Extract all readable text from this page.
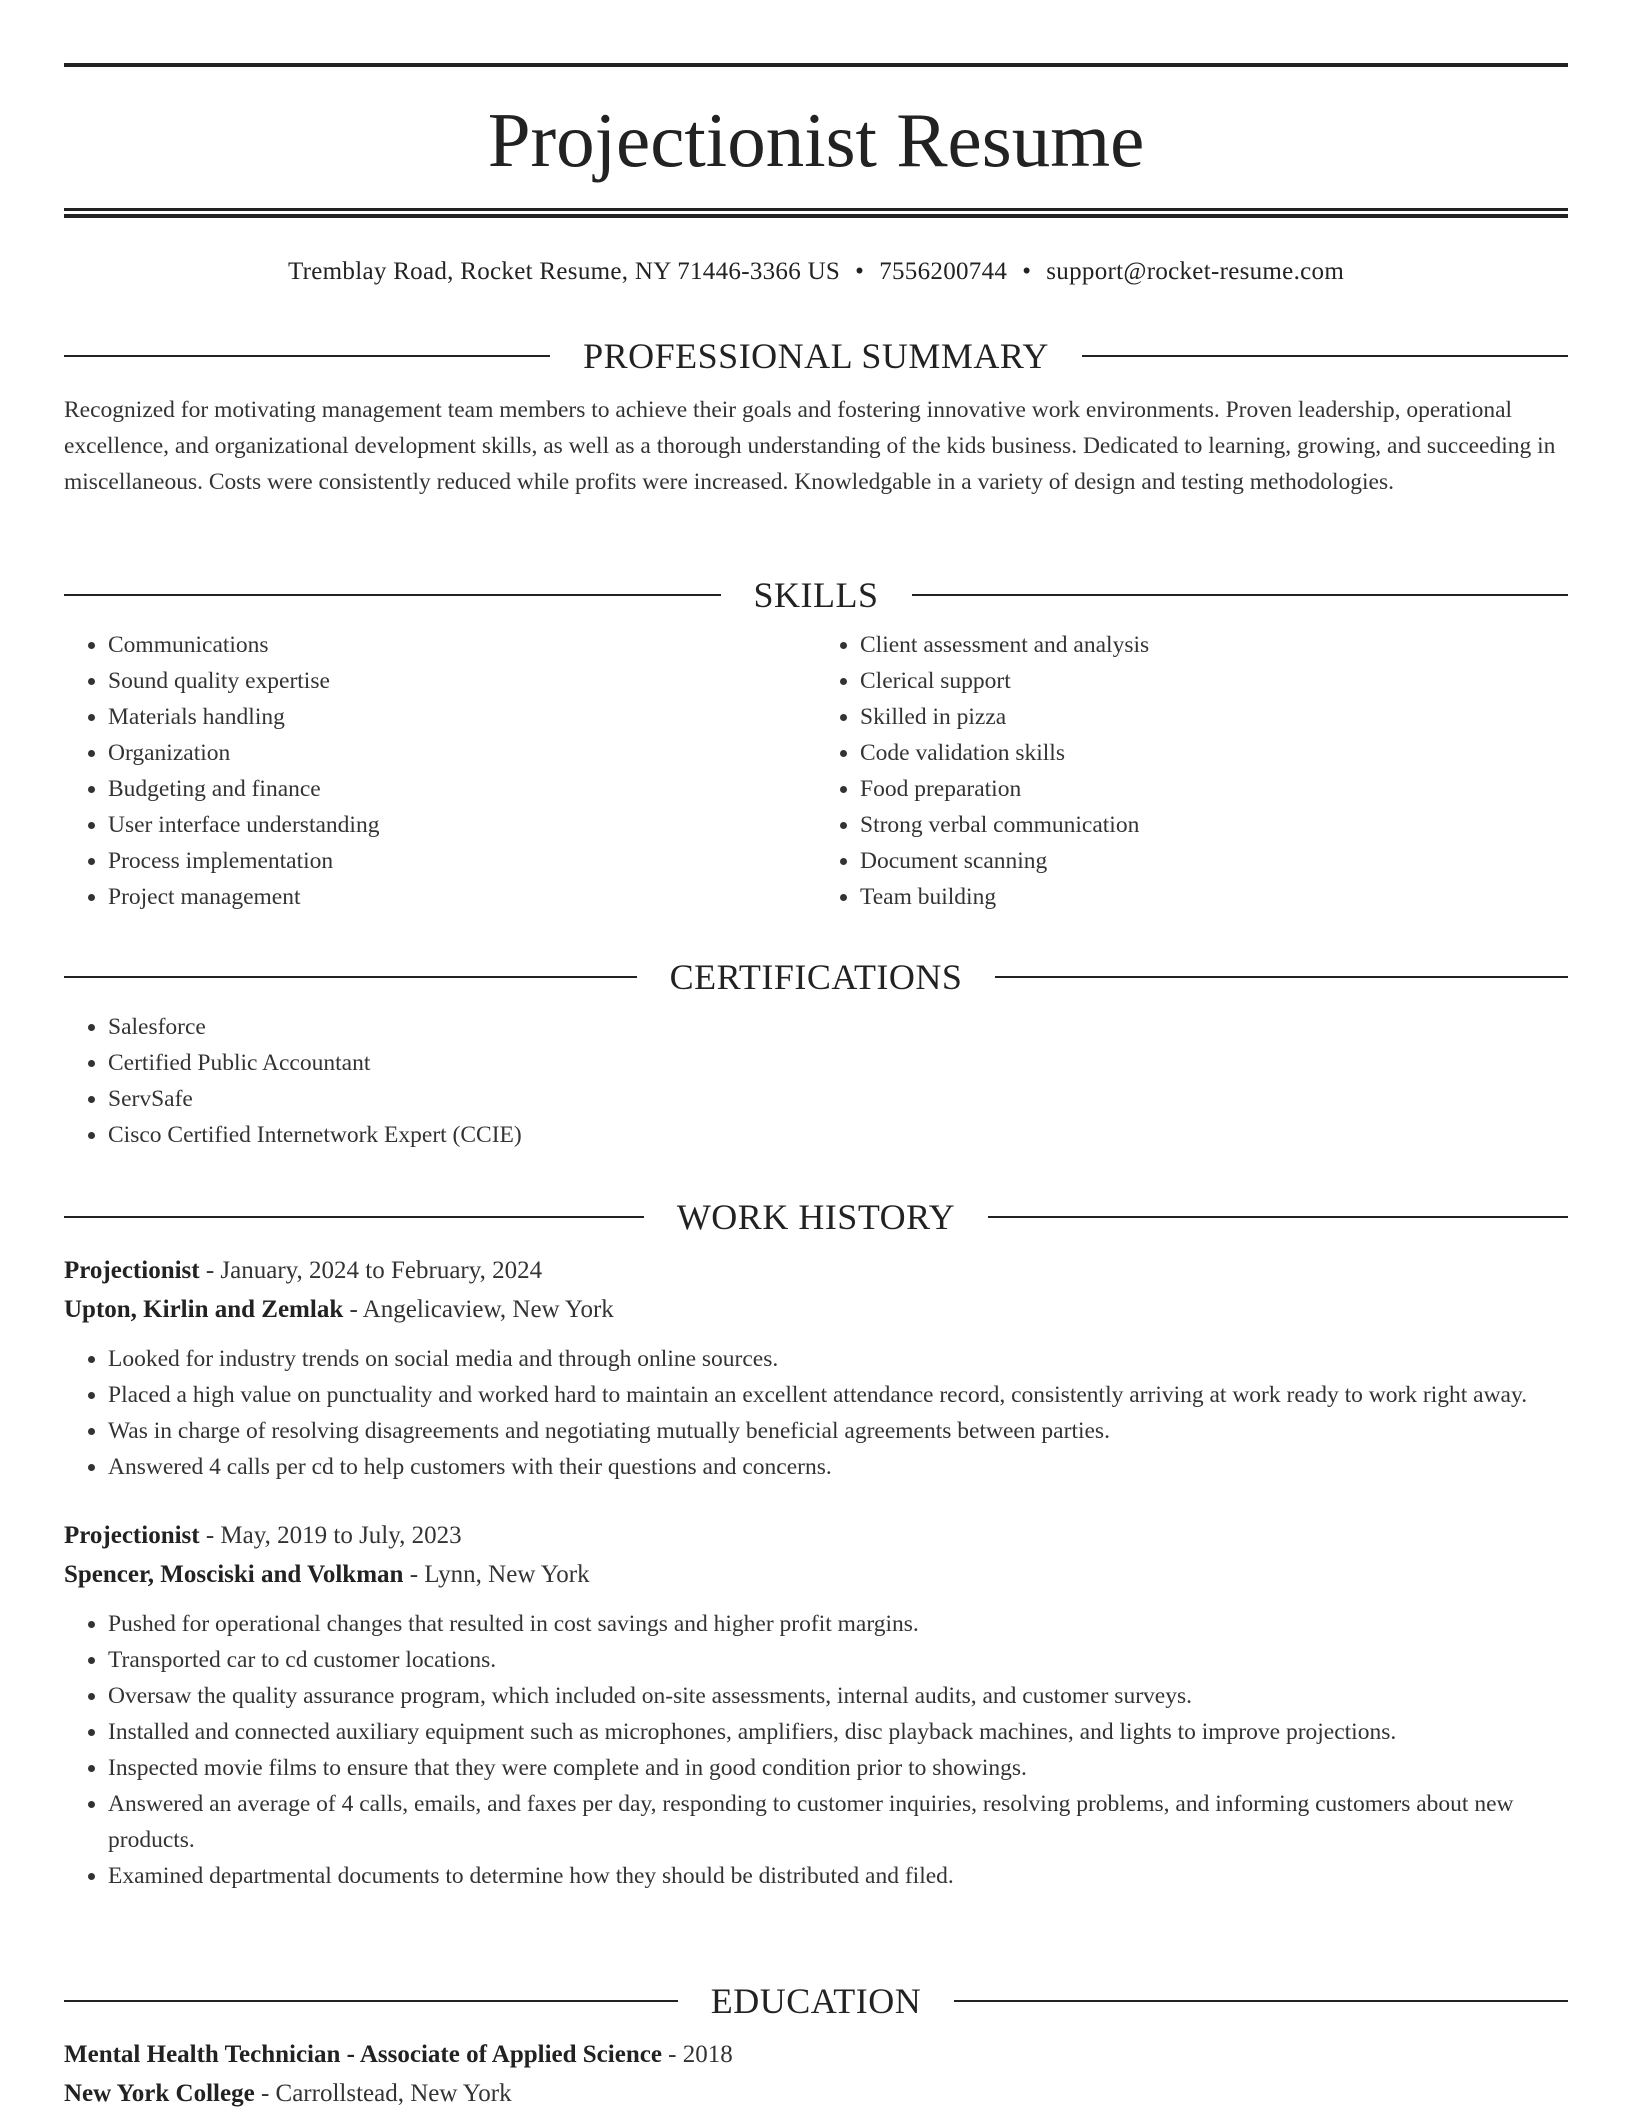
Projectionist Resume
Tremblay Road, Rocket Resume, NY 71446-3366 US • 7556200744 • support@rocket-resume.com
PROFESSIONAL SUMMARY

Recognized for motivating management team members to achieve their goals and fostering innovative work environments. Proven leadership, operational excellence, and organizational development skills, as well as a thorough understanding of the kids business. Dedicated to learning, growing, and succeeding in miscellaneous. Costs were consistently reduced while profits were increased. Knowledgable in a variety of design and testing methodologies.

SKILLS
• Communications
• Sound quality expertise
• Materials handling
• Organization
• Budgeting and finance
• User interface understanding
• Process implementation
• Project management
• Client assessment and analysis
• Clerical support
• Skilled in pizza
• Code validation skills
• Food preparation
• Strong verbal communication
• Document scanning
• Team building
CERTIFICATIONS
• Salesforce
• Certified Public Accountant
• ServSafe
• Cisco Certified Internetwork Expert (CCIE)
WORK HISTORY
Projectionist - January, 2024 to February, 2024
Upton, Kirlin and Zemlak - Angelicaview, New York
• Looked for industry trends on social media and through online sources.
• Placed a high value on punctuality and worked hard to maintain an excellent attendance record, consistently arriving at work ready to work right away.
• Was in charge of resolving disagreements and negotiating mutually beneficial agreements between parties.
• Answered 4 calls per cd to help customers with their questions and concerns.
Projectionist - May, 2019 to July, 2023
Spencer, Mosciski and Volkman - Lynn, New York
• Pushed for operational changes that resulted in cost savings and higher profit margins.
• Transported car to cd customer locations.
• Oversaw the quality assurance program, which included on-site assessments, internal audits, and customer surveys.
• Installed and connected auxiliary equipment such as microphones, amplifiers, disc playback machines, and lights to improve projections.
• Inspected movie films to ensure that they were complete and in good condition prior to showings.
• Answered an average of 4 calls, emails, and faxes per day, responding to customer inquiries, resolving problems, and informing customers about new products.
• Examined departmental documents to determine how they should be distributed and filed.
EDUCATION
Mental Health Technician - Associate of Applied Science - 2018
New York College - Carrollstead, New York
